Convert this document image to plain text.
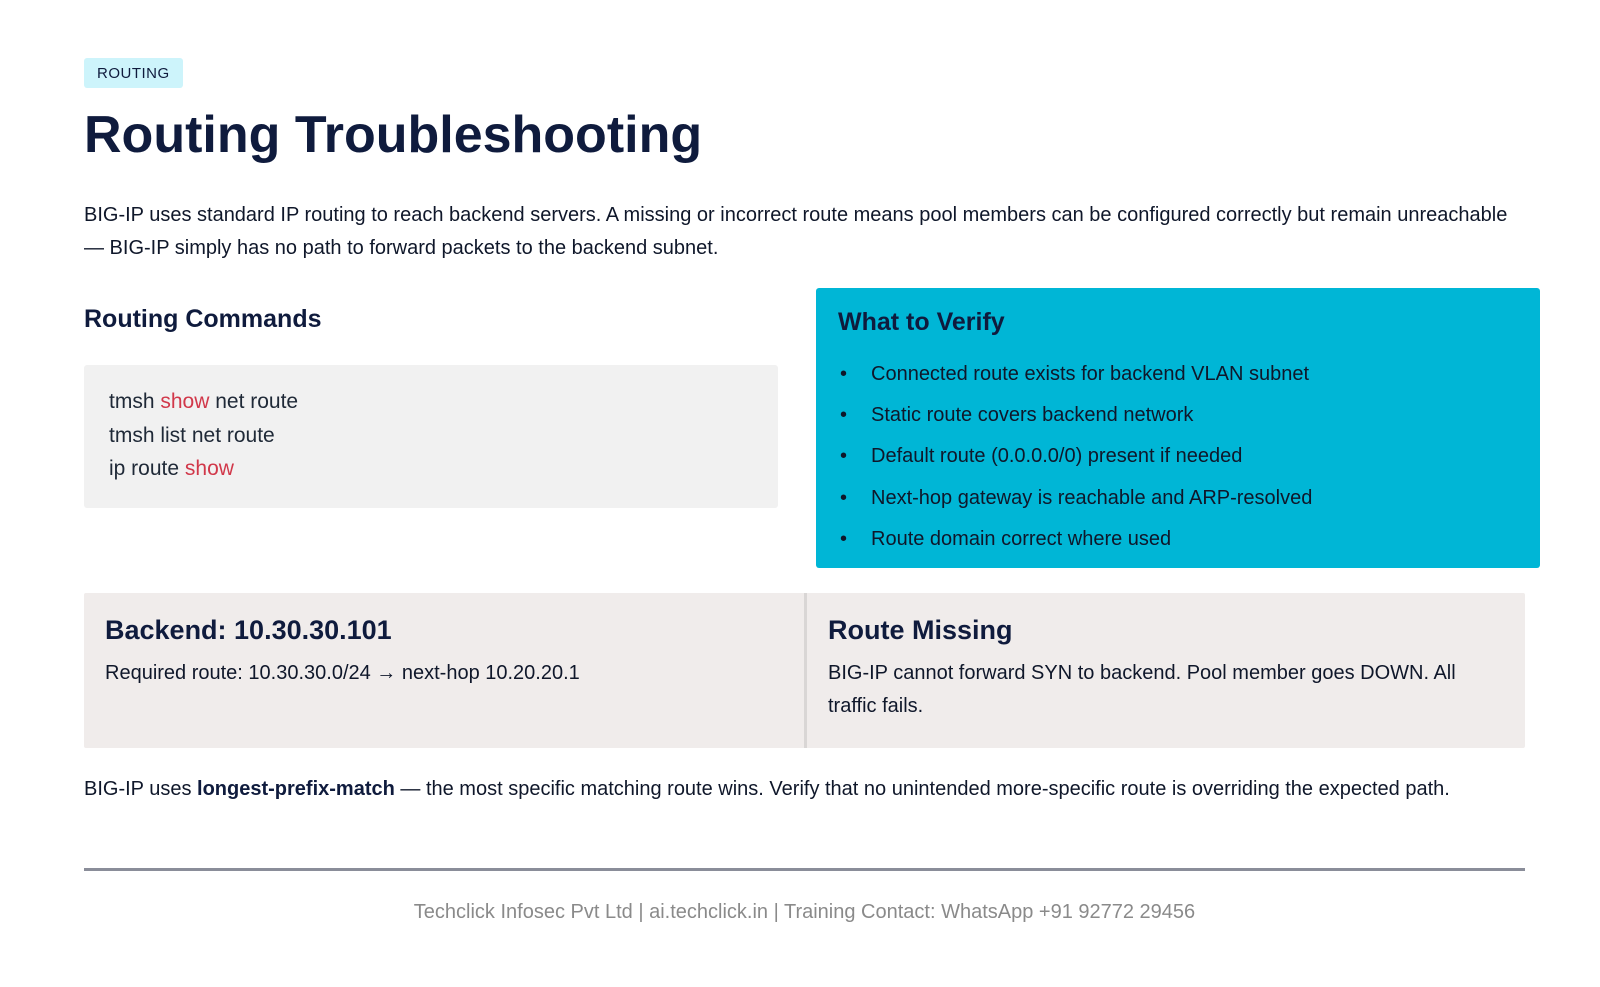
ROUTING
Routing Troubleshooting

BIG-IP uses standard IP routing to reach backend servers. A missing or incorrect route means pool members can be configured correctly but remain unreachable — BIG-IP simply has no path to forward packets to the backend subnet.

Routing Commands
tmsh show net route
tmsh list net route
ip route show
What to Verify
• Connected route exists for backend VLAN subnet
• Static route covers backend network
• Default route (0.0.0.0/0) present if needed
• Next-hop gateway is reachable and ARP-resolved
• Route domain correct where used
Backend: 10.30.30.101

Required route: 10.30.30.0/24 → next-hop 10.20.20.1

Route Missing

BIG-IP cannot forward SYN to backend. Pool member goes DOWN. All traffic fails.

BIG-IP uses longest-prefix-match — the most specific matching route wins. Verify that no unintended more-specific route is overriding the expected path.

Techclick Infosec Pvt Ltd | ai.techclick.in | Training Contact: WhatsApp +91 92772 29456
